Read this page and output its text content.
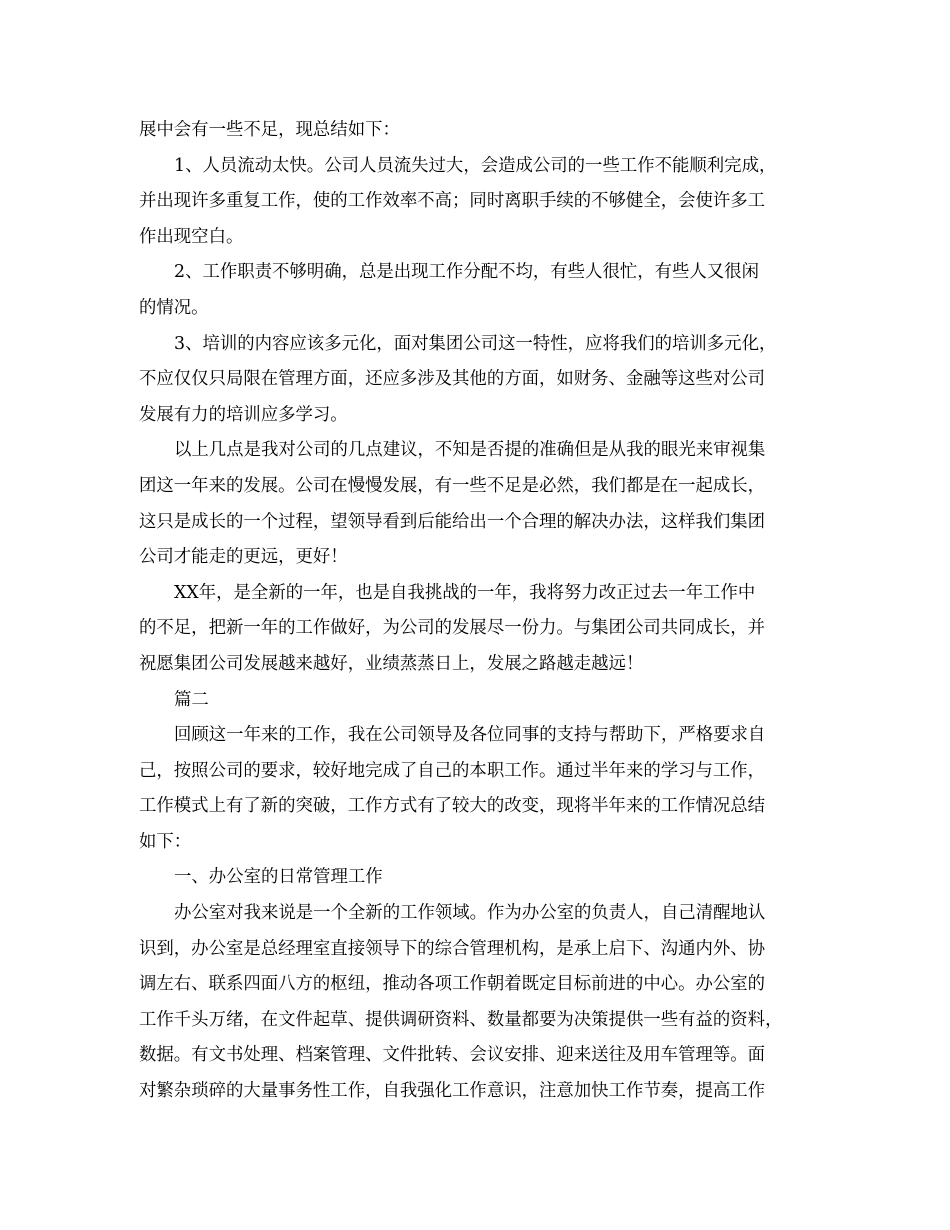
展中会有一些不足，现总结如下：
1、人员流动太快。公司人员流失过大，会造成公司的一些工作不能顺利完成，
并出现许多重复工作，使的工作效率不高；同时离职手续的不够健全，会使许多工
作出现空白。
2、工作职责不够明确，总是出现工作分配不均，有些人很忙，有些人又很闲
的情况。
3、培训的内容应该多元化，面对集团公司这一特性，应将我们的培训多元化，
不应仅仅只局限在管理方面，还应多涉及其他的方面，如财务、金融等这些对公司
发展有力的培训应多学习。
以上几点是我对公司的几点建议，不知是否提的准确但是从我的眼光来审视集
团这一年来的发展。公司在慢慢发展，有一些不足是必然，我们都是在一起成长，
这只是成长的一个过程，望领导看到后能给出一个合理的解决办法，这样我们集团
公司才能走的更远，更好！
XX年，是全新的一年，也是自我挑战的一年，我将努力改正过去一年工作中
的不足，把新一年的工作做好，为公司的发展尽一份力。与集团公司共同成长，并
祝愿集团公司发展越来越好，业绩蒸蒸日上，发展之路越走越远！
篇二
回顾这一年来的工作，我在公司领导及各位同事的支持与帮助下，严格要求自
己，按照公司的要求，较好地完成了自己的本职工作。通过半年来的学习与工作，
工作模式上有了新的突破，工作方式有了较大的改变，现将半年来的工作情况总结
如下：
一、办公室的日常管理工作
办公室对我来说是一个全新的工作领域。作为办公室的负责人，自己清醒地认
识到，办公室是总经理室直接领导下的综合管理机构，是承上启下、沟通内外、协
调左右、联系四面八方的枢纽，推动各项工作朝着既定目标前进的中心。办公室的
工作千头万绪，在文件起草、提供调研资料、数量都要为决策提供一些有益的资料，
数据。有文书处理、档案管理、文件批转、会议安排、迎来送往及用车管理等。面
对繁杂琐碎的大量事务性工作，自我强化工作意识，注意加快工作节奏，提高工作
